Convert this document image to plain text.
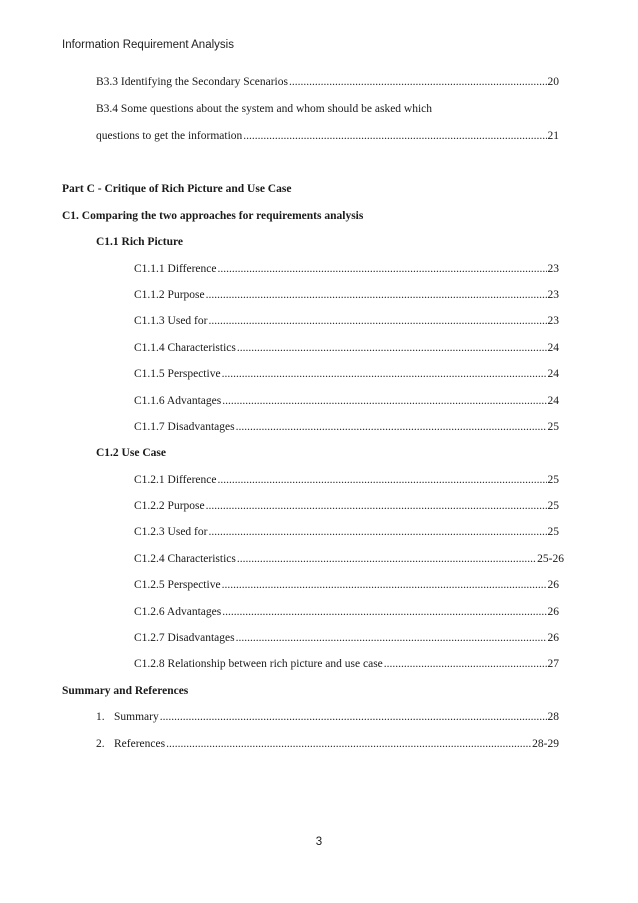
Information Requirement Analysis
B3.3 Identifying the Secondary Scenarios .....	20
B3.4 Some questions about the system and whom should be asked which
questions to get the information .....	21
Part C - Critique of Rich Picture and Use Case
C1. Comparing the two approaches for requirements analysis
C1.1 Rich Picture
C1.1.1 Difference .....	23
C1.1.2 Purpose .....	23
C1.1.3 Used for .....	23
C1.1.4 Characteristics .....	24
C1.1.5 Perspective .....	24
C1.1.6 Advantages .....	24
C1.1.7 Disadvantages .....	25
C1.2 Use Case
C1.2.1 Difference .....	25
C1.2.2 Purpose .....	25
C1.2.3 Used for .....	25
C1.2.4 Characteristics .....	25-26
C1.2.5 Perspective .....	26
C1.2.6 Advantages .....	26
C1.2.7 Disadvantages .....	26
C1.2.8 Relationship between rich picture and use case .....	27
Summary and References
1. Summary .....	28
2. References .....	28-29
3
